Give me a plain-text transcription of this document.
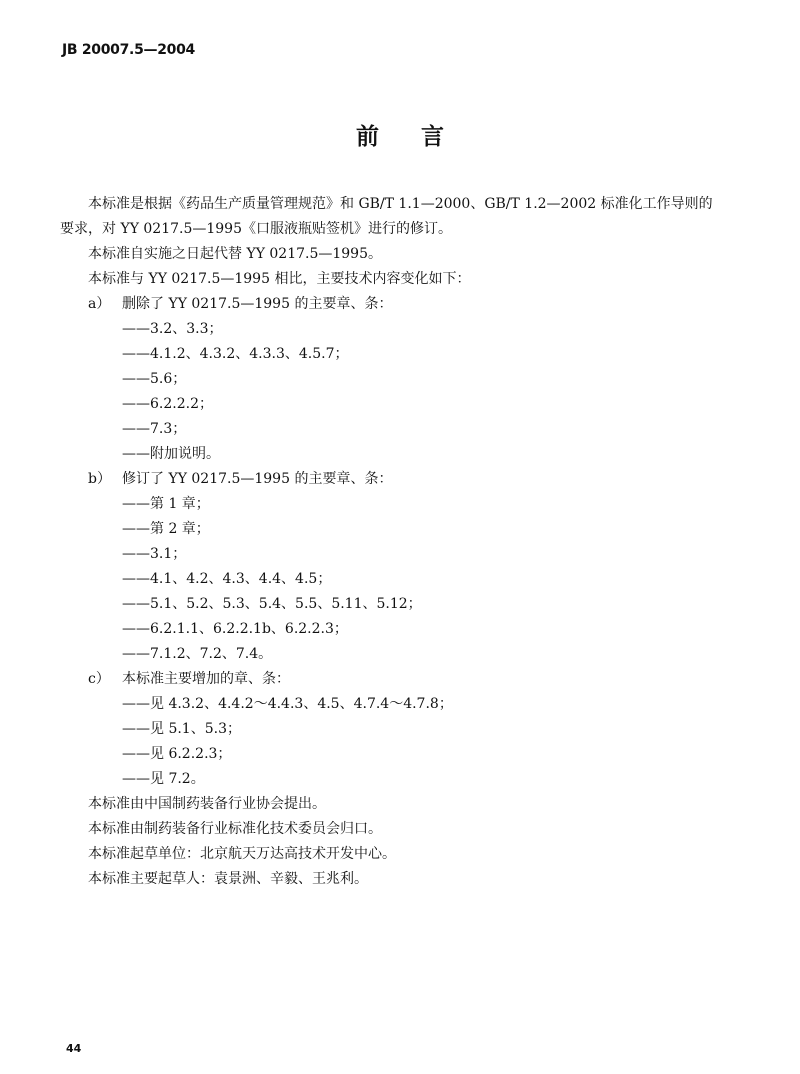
JB 20007.5—2004
前言

本标准是根据《药品生产质量管理规范》和 GB/T 1.1—2000、GB/T 1.2—2002 标准化工作导则的

要求，对 YY 0217.5—1995《口服液瓶贴签机》进行的修订。

本标准自实施之日起代替 YY 0217.5—1995。

本标准与 YY 0217.5—1995 相比，主要技术内容变化如下：

a） 删除了 YY 0217.5—1995 的主要章、条：

——3.2、3.3；
——4.1.2、4.3.2、4.3.3、4.5.7；
——5.6；
——6.2.2.2；
——7.3；
——附加说明。

b） 修订了 YY 0217.5—1995 的主要章、条：

——第 1 章；
——第 2 章；
——3.1；
——4.1、4.2、4.3、4.4、4.5；
——5.1、5.2、5.3、5.4、5.5、5.11、5.12；
——6.2.1.1、6.2.2.1b、6.2.2.3；
——7.1.2、7.2、7.4。

c） 本标准主要增加的章、条：

——见 4.3.2、4.4.2～4.4.3、4.5、4.7.4～4.7.8；
——见 5.1、5.3；
——见 6.2.2.3；
——见 7.2。

本标准由中国制药装备行业协会提出。

本标准由制药装备行业标准化技术委员会归口。

本标准起草单位：北京航天万达高技术开发中心。

本标准主要起草人：袁景洲、辛毅、王兆利。

44
